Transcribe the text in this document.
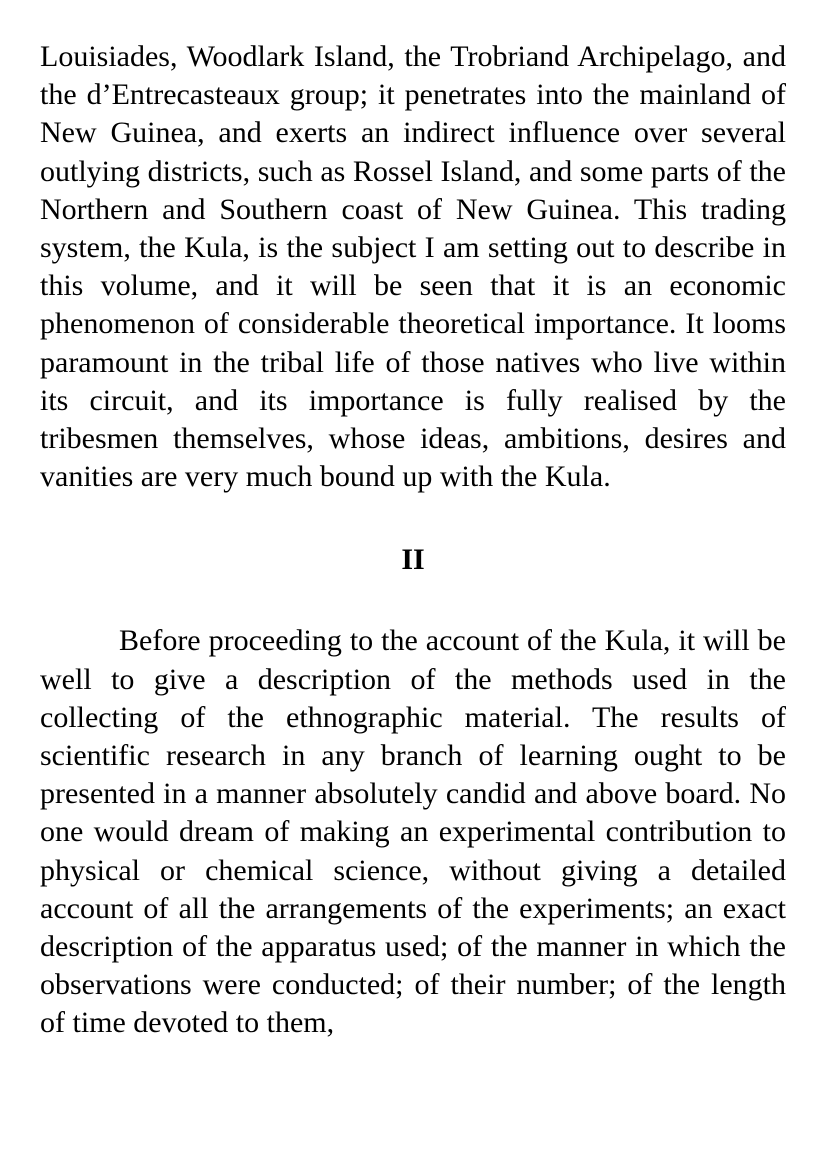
Louisiades, Woodlark Island, the Trobriand Archipelago, and the d’Entrecasteaux group; it penetrates into the mainland of New Guinea, and exerts an indirect influence over several outlying districts, such as Rossel Island, and some parts of the Northern and Southern coast of New Guinea. This trading system, the Kula, is the subject I am setting out to describe in this volume, and it will be seen that it is an economic phenomenon of considerable theoretical importance. It looms paramount in the tribal life of those natives who live within its circuit, and its importance is fully realised by the tribesmen themselves, whose ideas, ambitions, desires and vanities are very much bound up with the Kula.

II

Before proceeding to the account of the Kula, it will be well to give a description of the methods used in the collecting of the ethnographic material. The results of scientific research in any branch of learning ought to be presented in a manner absolutely candid and above board. No one would dream of making an experimental contribution to physical or chemical science, without giving a detailed account of all the arrangements of the experiments; an exact description of the apparatus used; of the manner in which the observations were conducted; of their number; of the length of time devoted to them,
